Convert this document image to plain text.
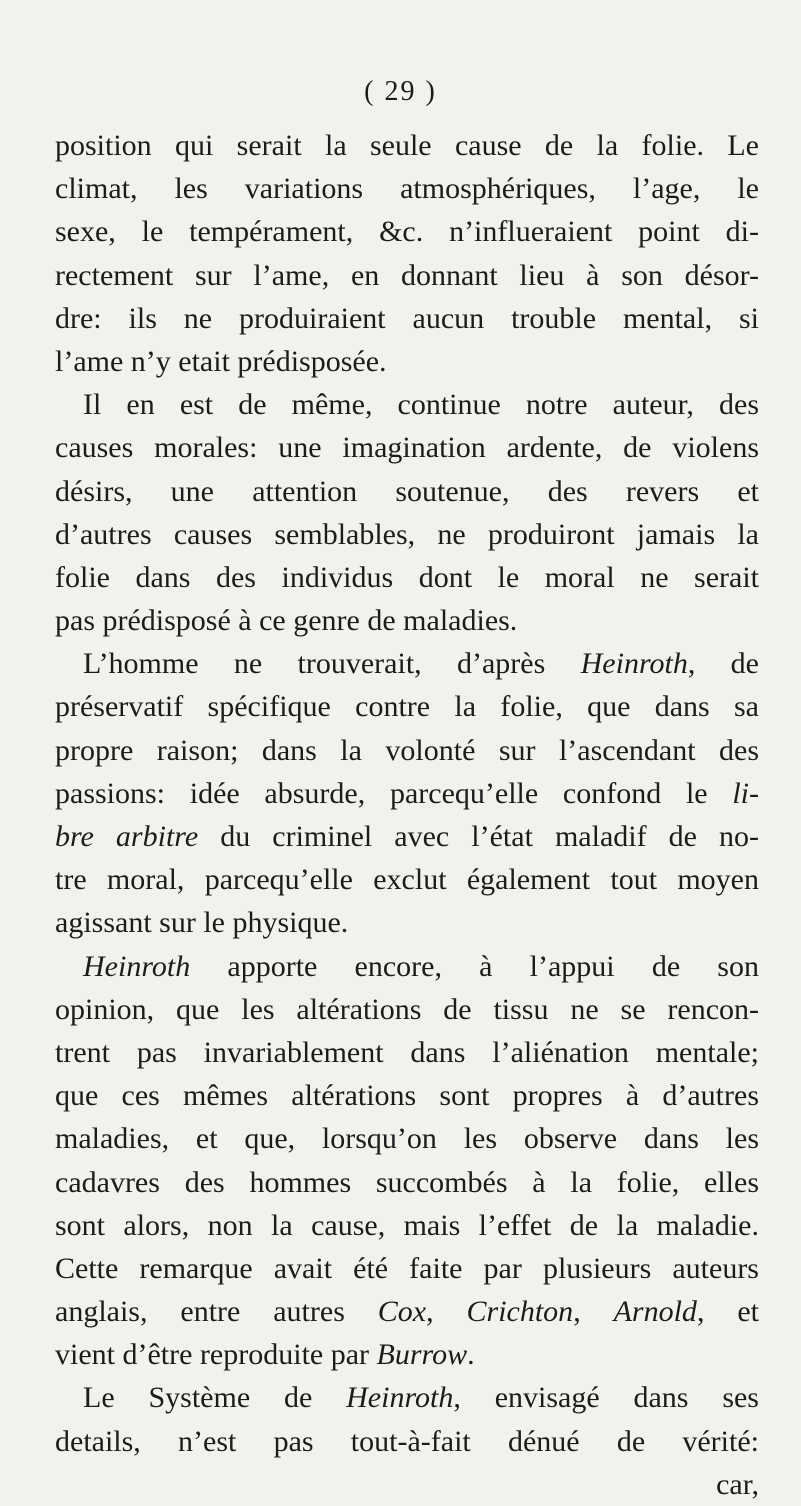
( 29 )
position qui serait la seule cause de la folie. Le
climat, les variations atmosphériques, l’age, le
sexe, le tempérament, &c. n’influeraient point di-
rectement sur l’ame, en donnant lieu à son désor-
dre: ils ne produiraient aucun trouble mental, si
l’ame n’y etait prédisposée.
Il en est de même, continue notre auteur, des
causes morales: une imagination ardente, de violens
désirs, une attention soutenue, des revers et
d’autres causes semblables, ne produiront jamais la
folie dans des individus dont le moral ne serait
pas prédisposé à ce genre de maladies.
L’homme ne trouverait, d’après Heinroth, de
préservatif spécifique contre la folie, que dans sa
propre raison; dans la volonté sur l’ascendant des
passions: idée absurde, parcequ’elle confond le li-
bre arbitre du criminel avec l’état maladif de no-
tre moral, parcequ’elle exclut également tout moyen
agissant sur le physique.
Heinroth apporte encore, à l’appui de son
opinion, que les altérations de tissu ne se rencon-
trent pas invariablement dans l’aliénation mentale;
que ces mêmes altérations sont propres à d’autres
maladies, et que, lorsqu’on les observe dans les
cadavres des hommes succombés à la folie, elles
sont alors, non la cause, mais l’effet de la maladie.
Cette remarque avait été faite par plusieurs auteurs
anglais, entre autres Cox, Crichton, Arnold, et
vient d’être reproduite par Burrow.
Le Système de Heinroth, envisagé dans ses
details, n’est pas tout-à-fait dénué de vérité:
car,
